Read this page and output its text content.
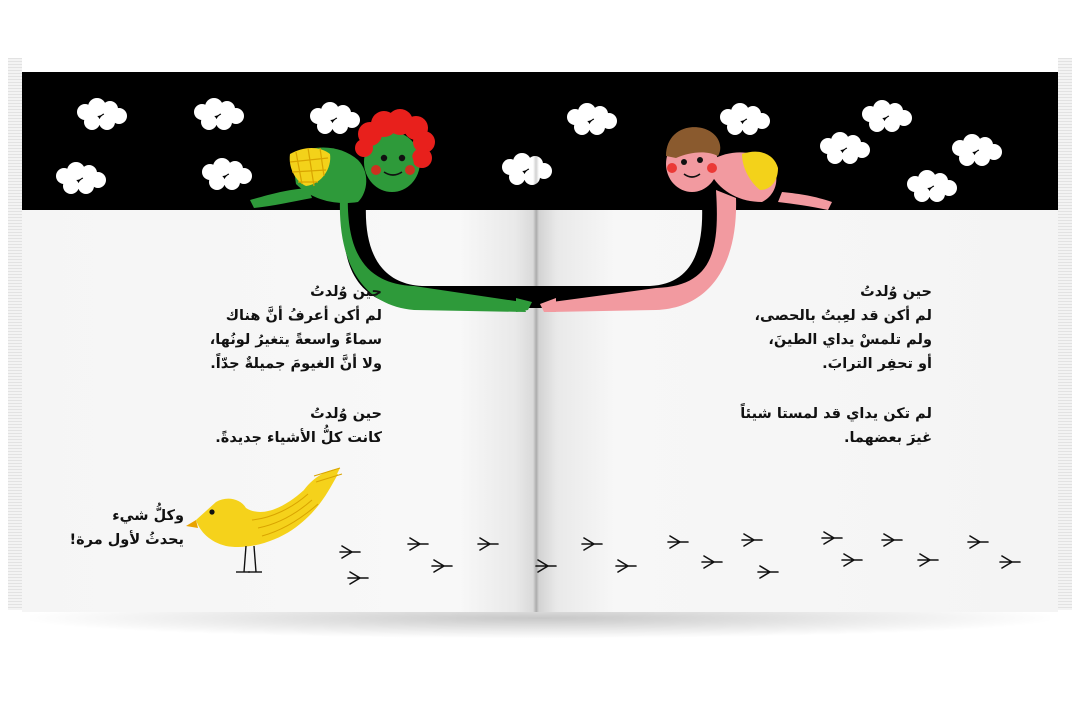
حين وُلدتُ
لم أكن أعرفُ أنَّ هناك
سماءً واسعةً يتغيرُ لونُها،
ولا أنَّ الغيومَ جميلةٌ جدّاً.
حين وُلدتُ
كانت كلُّ الأشياء جديدةً.
وكلُّ شيء
يحدثُ لأول مرة!
حين وُلدتُ
لم أكن قد لعِبتُ بالحصى،
ولم تلمسْ يداي الطينَ،
أو تحفِر الترابَ.
لم تكن يداي قد لمستا شيئاً
غيرَ بعضهما.
